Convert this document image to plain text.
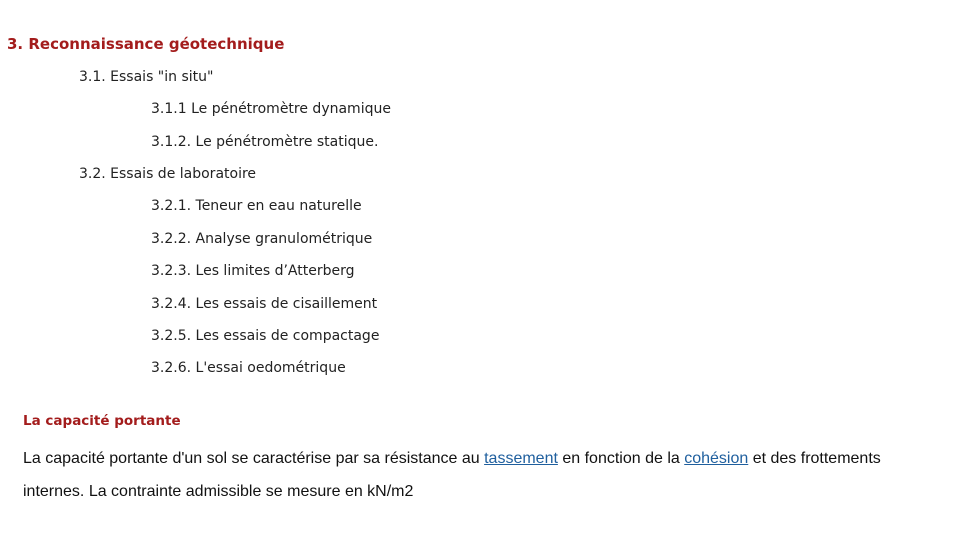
3. Reconnaissance géotechnique
3.1. Essais "in situ"
3.1.1 Le pénétromètre dynamique
3.1.2. Le pénétromètre statique.
3.2. Essais de laboratoire
3.2.1. Teneur en eau naturelle
3.2.2. Analyse granulométrique
3.2.3. Les limites d’Atterberg
3.2.4. Les essais de cisaillement
3.2.5. Les essais de compactage
3.2.6. L'essai oedométrique
La capacité portante
La capacité portante d'un sol se caractérise par sa résistance au tassement en fonction de la cohésion et des frottements internes. La contrainte admissible se mesure en kN/m2
